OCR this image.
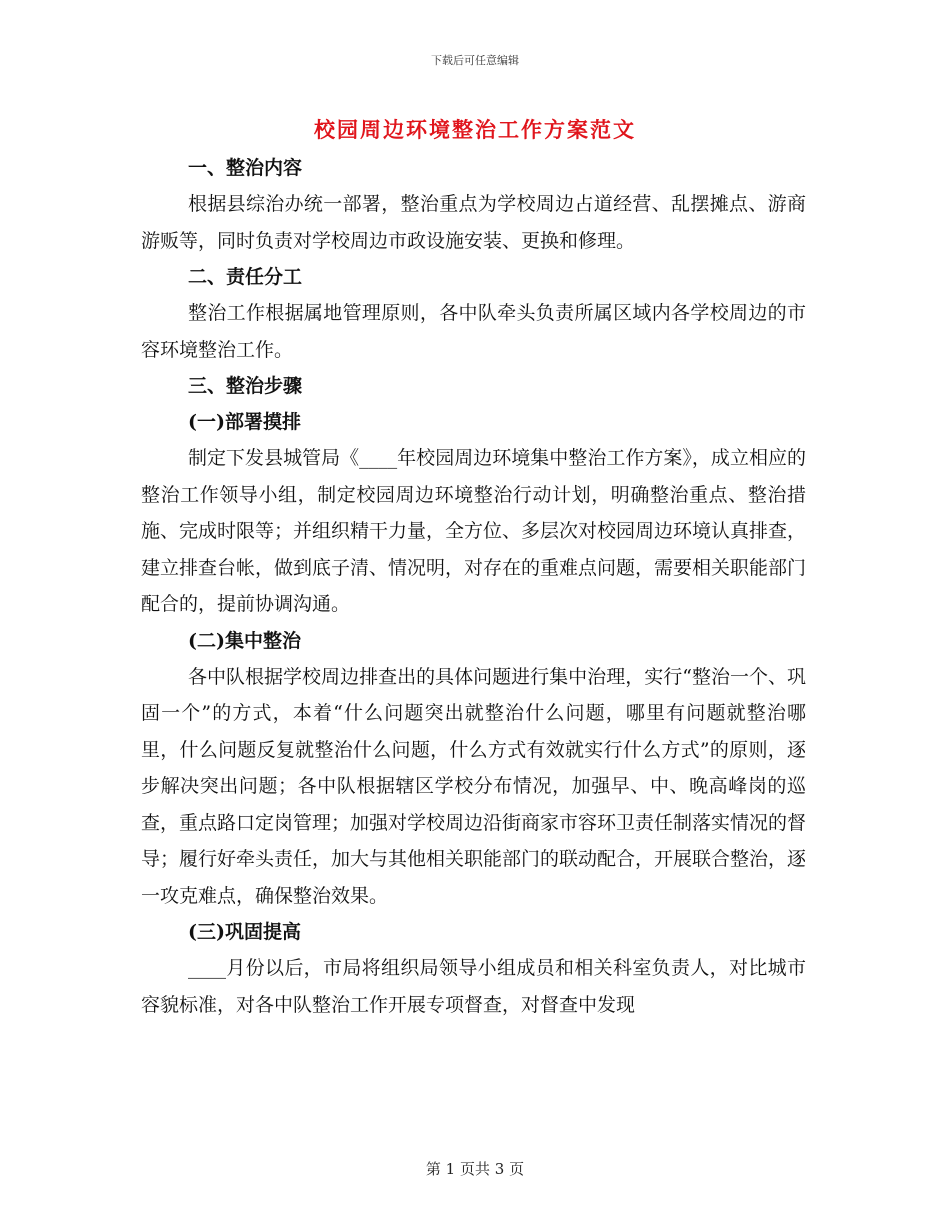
下载后可任意编辑
校园周边环境整治工作方案范文

一、整治内容

根据县综治办统一部署，整治重点为学校周边占道经营、乱摆摊点、游商游贩等，同时负责对学校周边市政设施安装、更换和修理。

二、责任分工

整治工作根据属地管理原则，各中队牵头负责所属区域内各学校周边的市容环境整治工作。

三、整治步骤

(一)部署摸排

制定下发县城管局《____年校园周边环境集中整治工作方案》，成立相应的整治工作领导小组，制定校园周边环境整治行动计划，明确整治重点、整治措施、完成时限等；并组织精干力量，全方位、多层次对校园周边环境认真排查，建立排查台帐，做到底子清、情况明，对存在的重难点问题，需要相关职能部门配合的，提前协调沟通。

(二)集中整治

各中队根据学校周边排查出的具体问题进行集中治理，实行“整治一个、巩固一个”的方式，本着“什么问题突出就整治什么问题，哪里有问题就整治哪里，什么问题反复就整治什么问题，什么方式有效就实行什么方式”的原则，逐步解决突出问题；各中队根据辖区学校分布情况，加强早、中、晚高峰岗的巡查，重点路口定岗管理；加强对学校周边沿街商家市容环卫责任制落实情况的督导；履行好牵头责任，加大与其他相关职能部门的联动配合，开展联合整治，逐一攻克难点，确保整治效果。

(三)巩固提高

____月份以后，市局将组织局领导小组成员和相关科室负责人，对比城市容貌标准，对各中队整治工作开展专项督查，对督查中发现

第 1 页共 3 页
